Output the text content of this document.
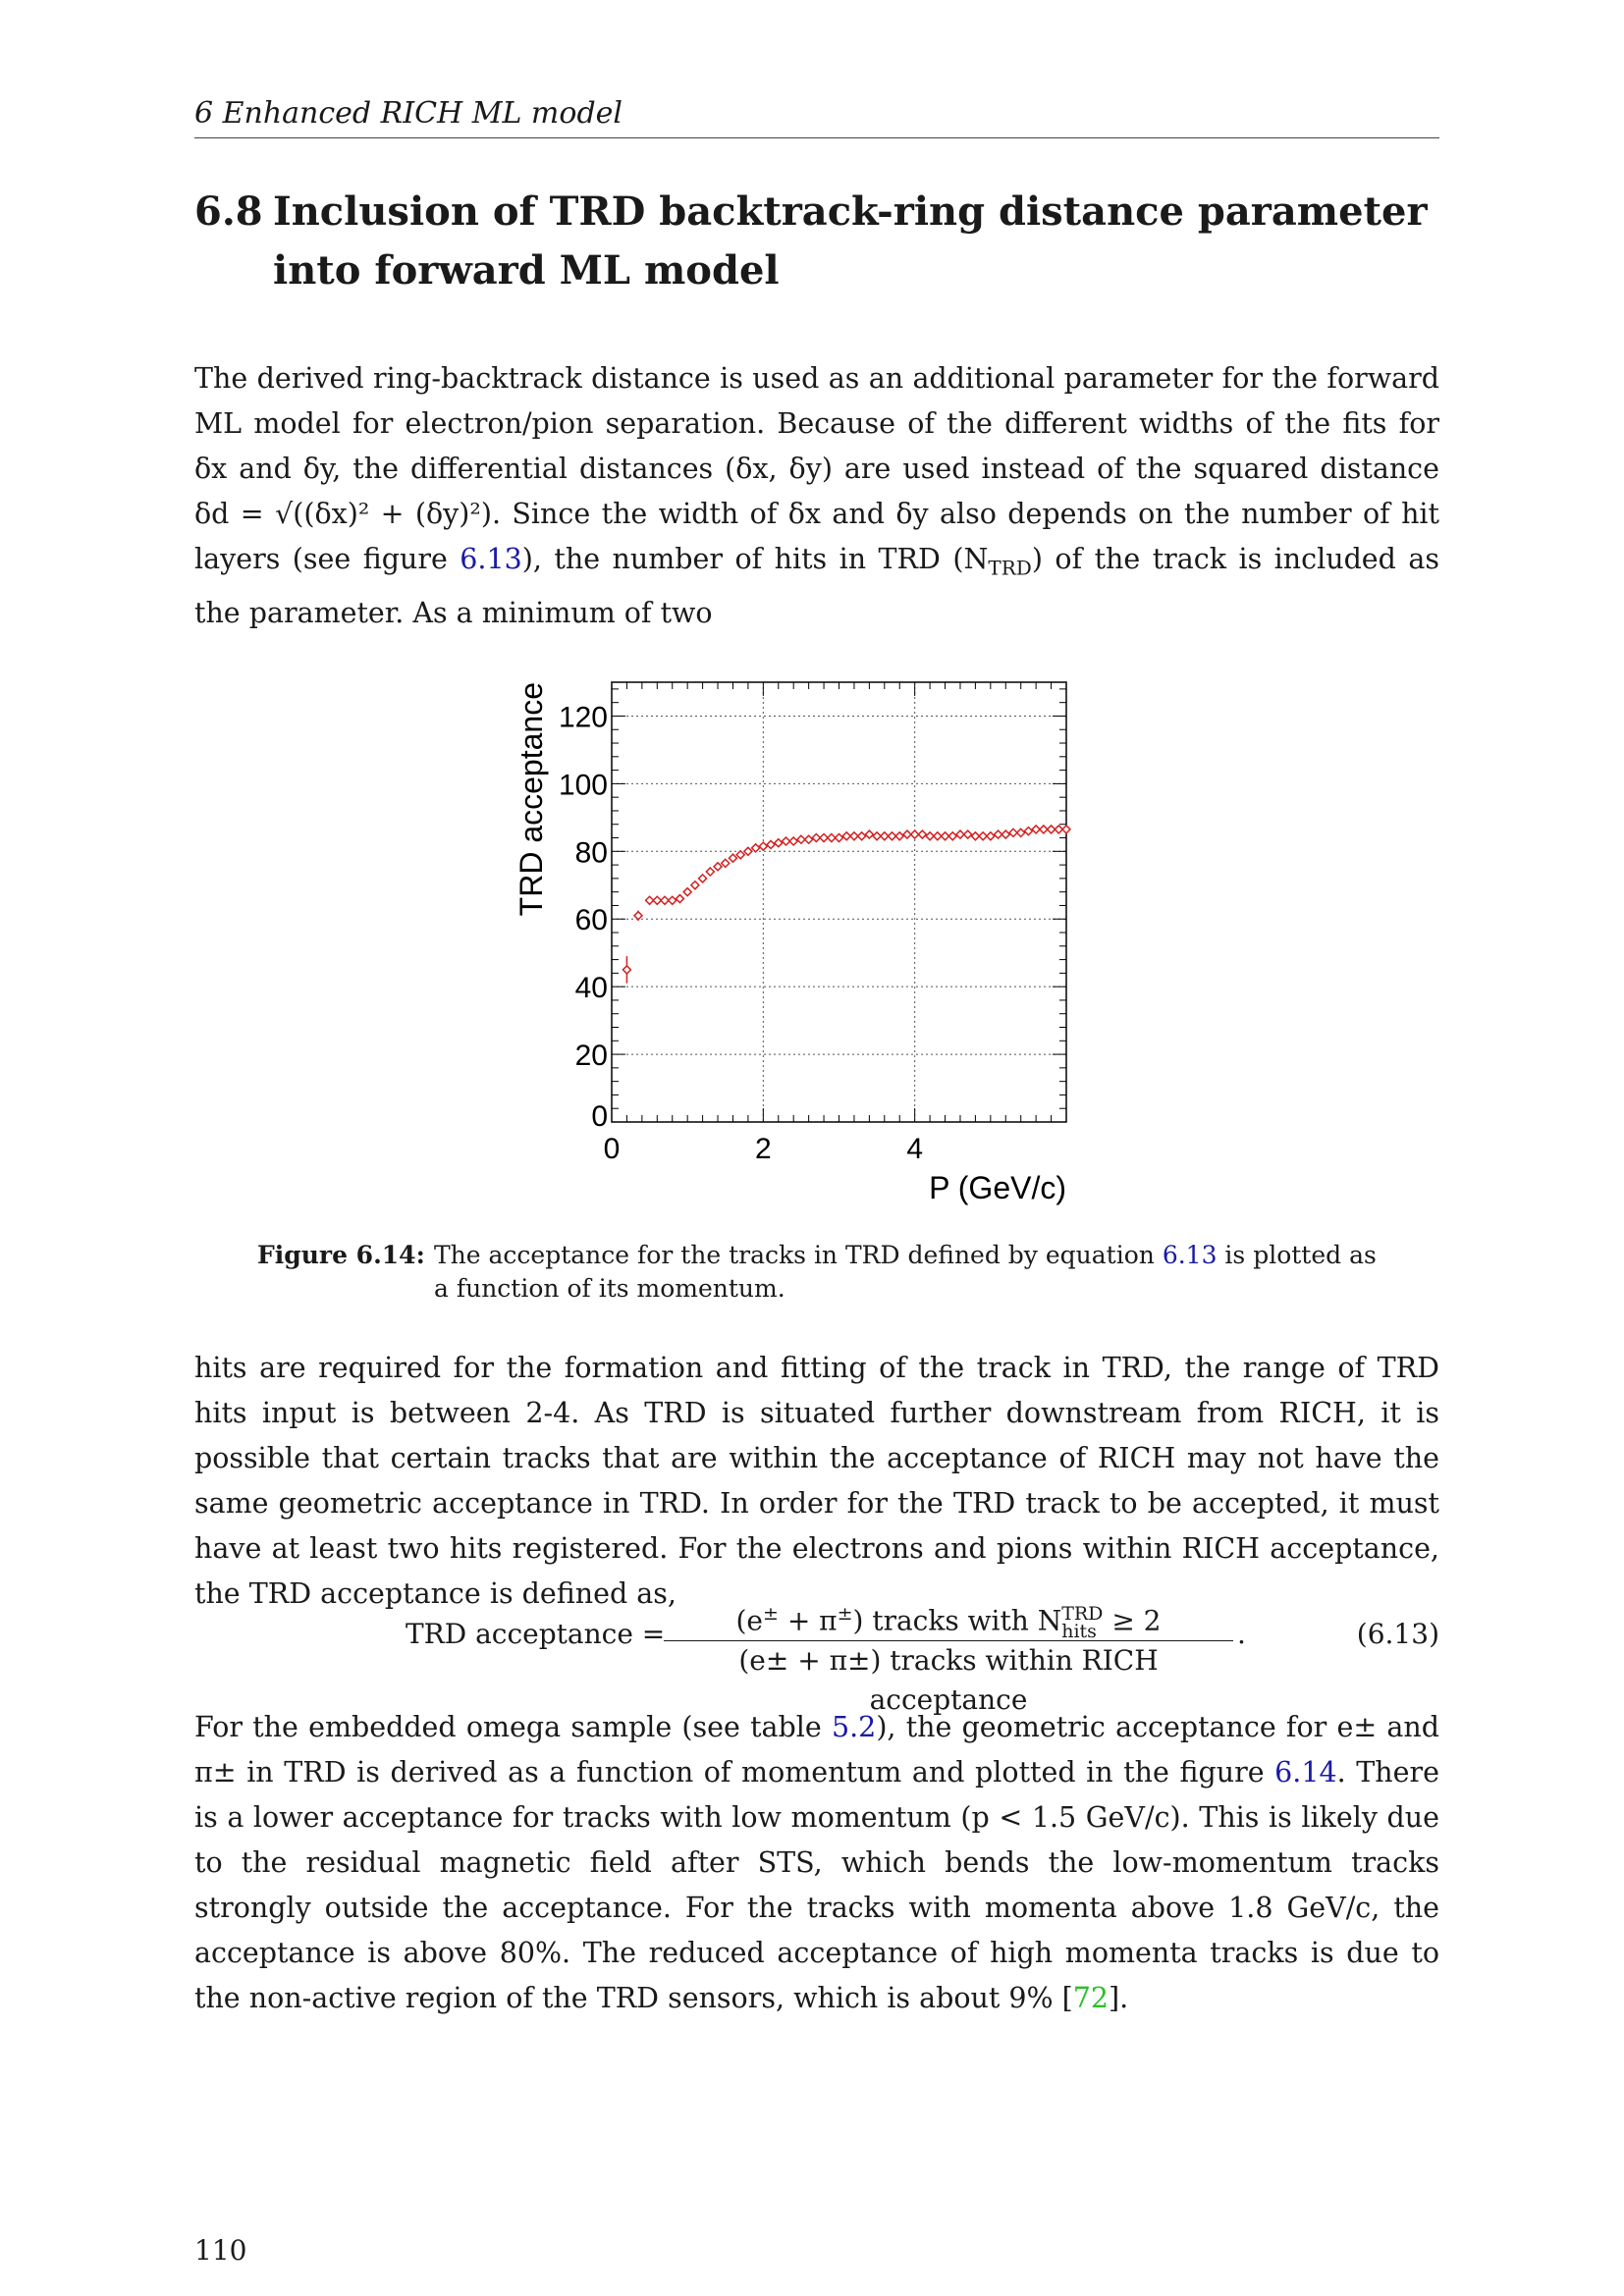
6 Enhanced RICH ML model
6.8 Inclusion of TRD backtrack-ring distance parameter into forward ML model

The derived ring-backtrack distance is used as an additional parameter for the forward ML model for electron/pion separation. Because of the different widths of the fits for δx and δy, the differential distances (δx, δy) are used instead of the squared distance δd = √((δx)² + (δy)²). Since the width of δx and δy also depends on the number of hit layers (see figure 6.13), the number of hits in TRD $(N_{TRD})$ of the track is included as the parameter. As a minimum of two

0
20
40
60
80
100
120
0	2	4
P (GeV/c)
TRD acceptance
Figure 6.14: The acceptance for the tracks in TRD defined by equation 6.13 is plotted as a function of its momentum.

hits are required for the formation and fitting of the track in TRD, the range of TRD hits input is between 2-4. As TRD is situated further downstream from RICH, it is possible that certain tracks that are within the acceptance of RICH may not have the same geometric acceptance in TRD. In order for the TRD track to be accepted, it must have at least two hits registered. For the electrons and pions within RICH acceptance, the TRD acceptance is defined as,

TRD acceptance =	(e± + π±) tracks with N TRD
hits ≥ 2
(e± + π±) tracks within RICH acceptance
.	(6.13)

For the embedded omega sample (see table 5.2), the geometric acceptance for e± and π± in TRD is derived as a function of momentum and plotted in the figure 6.14. There is a lower acceptance for tracks with low momentum (p < 1.5 GeV/c). This is likely due to the residual magnetic field after STS, which bends the low-momentum tracks strongly outside the acceptance. For the tracks with momenta above 1.8 GeV/c, the acceptance is above 80%. The reduced acceptance of high momenta tracks is due to the non-active region of the TRD sensors, which is about 9% [72].

110
